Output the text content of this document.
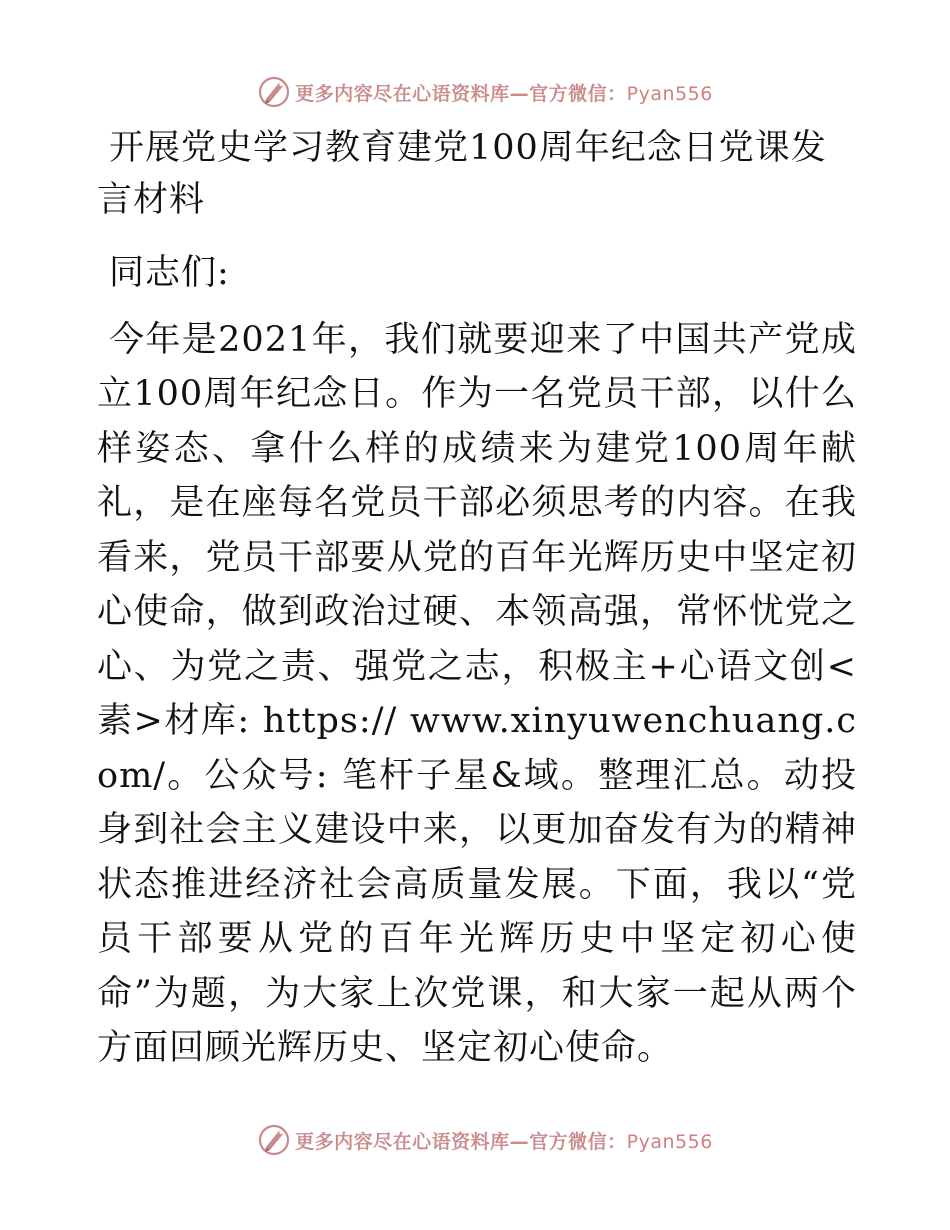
更多内容尽在心语资料库—官方微信：Pyan556
开展党史学习教育建党100周年纪念日党课发言材料

同志们:

今年是2021年，我们就要迎来了中国共产党成立100周年纪念日。作为一名党员干部，以什么样姿态、拿什么样的成绩来为建党100周年献礼，是在座每名党员干部必须思考的内容。在我看来，党员干部要从党的百年光辉历史中坚定初心使命，做到政治过硬、本领高强，常怀忧党之心、为党之责、强党之志，积极主+心语文创<素>材库: https:// www.xinyuwenchuang.com/。公众号: 笔杆子星&域。整理汇总。动投身到社会主义建设中来，以更加奋发有为的精神状态推进经济社会高质量发展。下面，我以“党员干部要从党的百年光辉历史中坚定初心使命”为题，为大家上次党课，和大家一起从两个方面回顾光辉历史、坚定初心使命。

更多内容尽在心语资料库—官方微信：Pyan556
